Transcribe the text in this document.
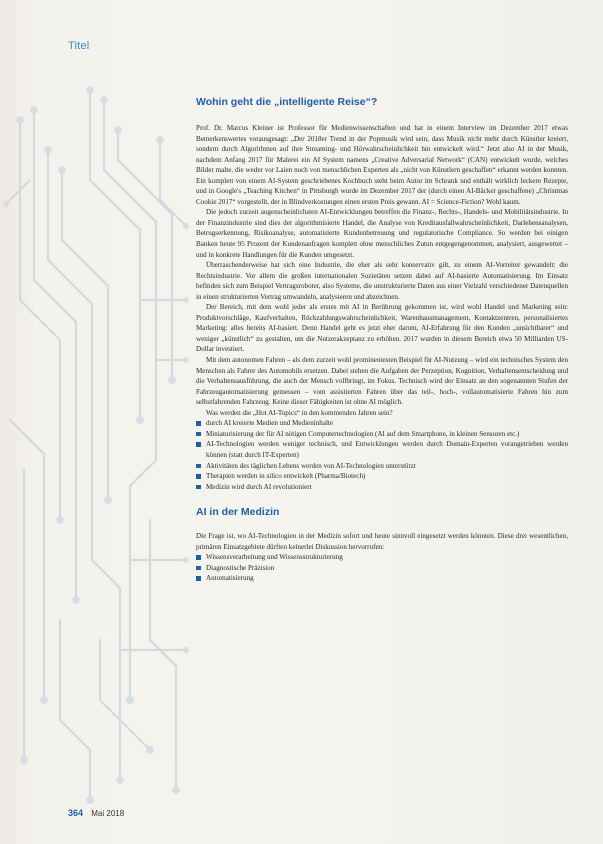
Titel
Wohin geht die „intelligente Reise“?

Prof. Dr. Marcus Kleiner ist Professor für Medienwissenschaften und hat in einem Interview im Dezember 2017 etwas Bemerkenswertes vorausgesagt: „Der 2018er Trend in der Popmusik wird sein, dass Musik nicht mehr durch Künstler kreiert, sondern durch Algorithmen auf ihre Streaming- und Hörwahrscheinlichkeit hin entwickelt wird.“ Jetzt also AI in der Musik, nachdem Anfang 2017 für Malerei ein AI System namens „Creative Adversarial Network“ (CAN) entwickelt wurde, welches Bilder malte, die weder vor Laien noch von menschlichen Experten als „nicht von Künstlern geschaffen“ erkannt werden konnten. Ein komplett von einem AI-System geschriebenes Kochbuch steht beim Autor im Schrank und enthält wirklich leckere Rezepte, und in Google's „Teaching Kitchen“ in Pittsburgh wurde im Dezember 2017 der (durch einen AI-Bäcker geschaffene) „Christmas Cookie 2017“ vorgestellt, der in Blindverkostungen einen ersten Preis gewann. AI = Science-Fiction? Wohl kaum.

Die jedoch zurzeit augenscheinlichsten AI-Entwicklungen betreffen die Finanz-, Rechts-, Handels- und Mobilitätsindustrie. In der Finanzindustrie sind dies der algorithmisierte Handel, die Analyse von Kreditausfallwahrscheinlichkeit, Darlehensanalysen, Betrugserkennung, Risikoanalyse, automatisierte Kundenbetreuung und regulatorische Compliance. So werden bei einigen Banken heute 95 Prozent der Kundenanfragen komplett ohne menschliches Zutun entgegengenommen, analysiert, ausgewertet – und in konkrete Handlungen für die Kunden umgesetzt.

Überraschenderweise hat sich eine Industrie, die eher als sehr konservativ gilt, zu einem AI-Vorreiter gewandelt: die Rechtsindustrie. Vor allem die großen internationalen Sozietäten setzen dabei auf AI-basierte Automatisierung. Im Einsatz befinden sich zum Beispiel Vertragsroboter, also Systeme, die unstrukturierte Daten aus einer Vielzahl verschiedener Datenquellen in einen strukturierten Vertrag umwandeln, analysieren und abzeichnen.

Der Bereich, mit dem wohl jeder als erstes mit AI in Berührung gekommen ist, wird wohl Handel und Marketing sein: Produktvorschläge, Kaufverhalten, Rückzahlungswahrscheinlichkeit, Warenhausmanagement, Kontaktzentren, personalisiertes Marketing: alles bereits AI-basiert. Denn Handel geht es jetzt eher darum, AI-Erfahrung für den Kunden „unsichtbarer“ und weniger „künstlich“ zu gestalten, um die Nutzerakzeptanz zu erhöhen. 2017 wurden in diesem Bereich etwa 50 Milliarden US-Dollar investiert.

Mit dem autonomen Fahren – als dem zurzeit wohl prominentesten Beispiel für AI-Nutzung – wird ein technisches System den Menschen als Fahrer des Automobils ersetzen. Dabei stehen die Aufgaben der Perzeption, Kognition, Verhaltensentscheidung und die Verhaltensausführung, die auch der Mensch vollbringt, im Fokus. Technisch wird der Einsatz an den sogenannten Stufen der Fahrzeugautomatisierung gemessen – vom assistierten Fahren über das teil-, hoch-, vollautomatisierte Fahren hin zum selbstfahrenden Fahrzeug. Keine dieser Fähigkeiten ist ohne AI möglich.

Was werden die „Hot AI-Topics“ in den kommenden Jahren sein?

durch AI kreierte Medien und Medieninhalte
Miniaturisierung der für AI nötigen Computertechnologien (AI auf dem Smartphone, in kleinen Sensoren etc.)
AI-Technologien werden weniger technisch, und Entwicklungen werden durch Domain-Experten vorangetrieben werden können (statt durch IT-Experten)
Aktivitäten des täglichen Lebens werden von AI-Technologien unterstützt
Therapien werden in silico entwickelt (Pharma/Biotech)
Medizin wird durch AI revolutioniert
AI in der Medizin

Die Frage ist, wo AI-Technologien in der Medizin sofort und heute sinnvoll eingesetzt werden könnten. Diese drei wesentlichen, primären Einsatzgebiete dürften keinerlei Diskussion hervorrufen:

Wissensverarbeitung und Wissensstrukturierung
Diagnostische Präzision
Automatisierung
364 Mai 2018
